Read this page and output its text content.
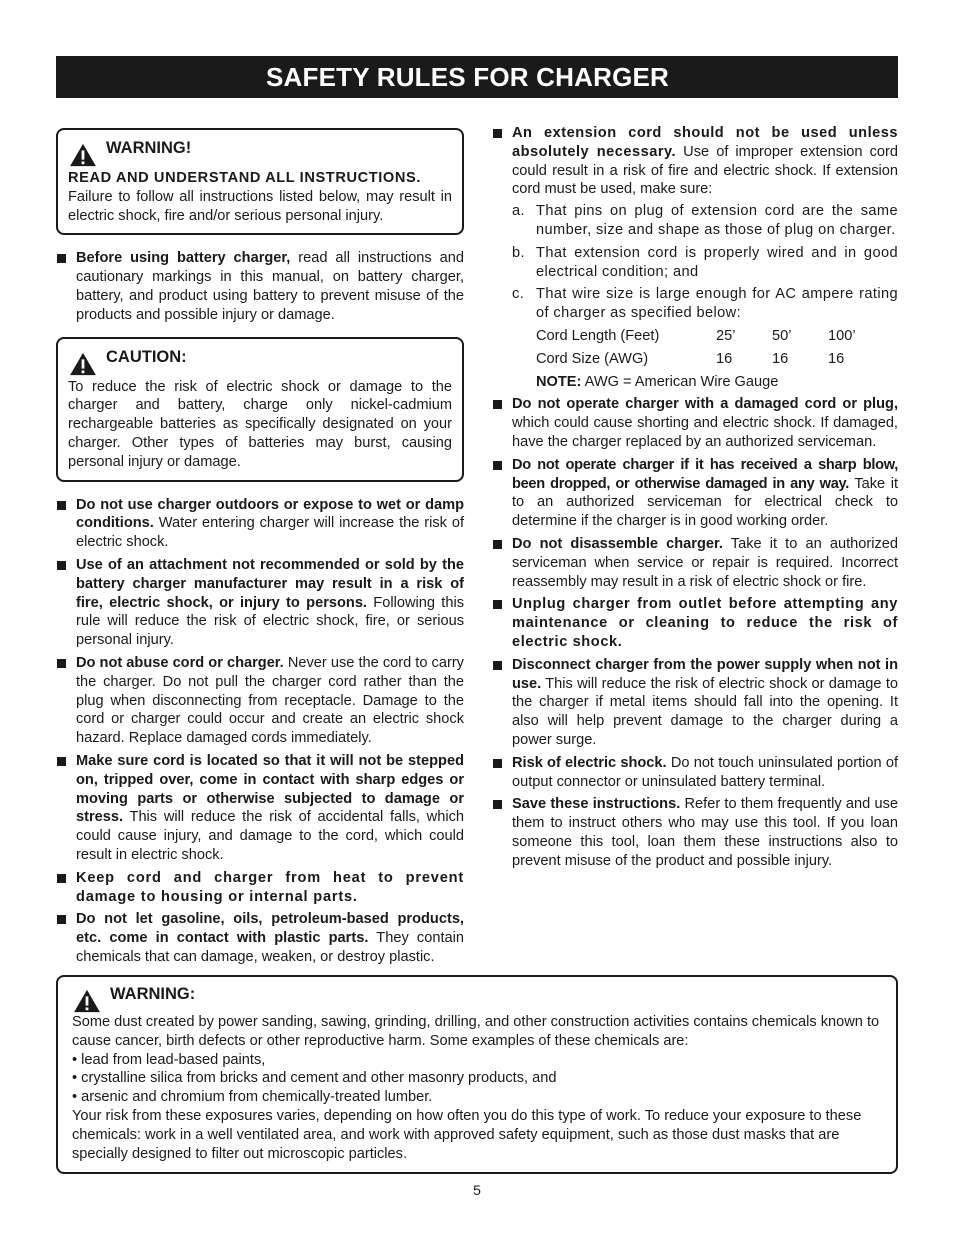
SAFETY RULES FOR CHARGER
WARNING!

READ AND UNDERSTAND ALL INSTRUCTIONS.

Failure to follow all instructions listed below, may result in electric shock, fire and/or serious personal injury.

Before using battery charger, read all instructions and cautionary markings in this manual, on battery charger, battery, and product using battery to prevent misuse of the products and possible injury or damage.
CAUTION:

To reduce the risk of electric shock or damage to the charger and battery, charge only nickel-cadmium rechargeable batteries as specifically designated on your charger. Other types of batteries may burst, causing personal injury or damage.

Do not use charger outdoors or expose to wet or damp conditions. Water entering charger will increase the risk of electric shock.
Use of an attachment not recommended or sold by the battery charger manufacturer may result in a risk of fire, electric shock, or injury to persons. Following this rule will reduce the risk of electric shock, fire, or serious personal injury.
Do not abuse cord or charger. Never use the cord to carry the charger. Do not pull the charger cord rather than the plug when disconnecting from receptacle. Damage to the cord or charger could occur and create an electric shock hazard. Replace damaged cords immediately.
Make sure cord is located so that it will not be stepped on, tripped over, come in contact with sharp edges or moving parts or otherwise subjected to damage or stress. This will reduce the risk of accidental falls, which could cause injury, and damage to the cord, which could result in electric shock.
Keep cord and charger from heat to prevent damage to housing or internal parts.
Do not let gasoline, oils, petroleum-based products, etc. come in contact with plastic parts. They contain chemicals that can damage, weaken, or destroy plastic.
An extension cord should not be used unless absolutely necessary. Use of improper extension cord could result in a risk of fire and electric shock. If extension cord must be used, make sure:
a. That pins on plug of extension cord are the same number, size and shape as those of plug on charger.
b. That extension cord is properly wired and in good electrical condition; and
c. That wire size is large enough for AC ampere rating of charger as specified below:
Cord Length (Feet)	25’	50’	100’
Cord Size (AWG)	16	16	16
NOTE: AWG = American Wire Gauge
Do not operate charger with a damaged cord or plug, which could cause shorting and electric shock. If damaged, have the charger replaced by an authorized serviceman.
Do not operate charger if it has received a sharp blow, been dropped, or otherwise damaged in any way. Take it to an authorized serviceman for electrical check to determine if the charger is in good working order.
Do not disassemble charger. Take it to an authorized serviceman when service or repair is required. Incorrect reassembly may result in a risk of electric shock or fire.
Unplug charger from outlet before attempting any maintenance or cleaning to reduce the risk of electric shock.
Disconnect charger from the power supply when not in use. This will reduce the risk of electric shock or damage to the charger if metal items should fall into the opening. It also will help prevent damage to the charger during a power surge.
Risk of electric shock. Do not touch uninsulated portion of output connector or uninsulated battery terminal.
Save these instructions. Refer to them frequently and use them to instruct others who may use this tool. If you loan someone this tool, loan them these instructions also to prevent misuse of the product and possible injury.
WARNING:

Some dust created by power sanding, sawing, grinding, drilling, and other construction activities contains chemicals known to cause cancer, birth defects or other reproductive harm. Some examples of these chemicals are:

• lead from lead-based paints,

• crystalline silica from bricks and cement and other masonry products, and

• arsenic and chromium from chemically-treated lumber.

Your risk from these exposures varies, depending on how often you do this type of work. To reduce your exposure to these chemicals: work in a well ventilated area, and work with approved safety equipment, such as those dust masks that are specially designed to filter out microscopic particles.

5
